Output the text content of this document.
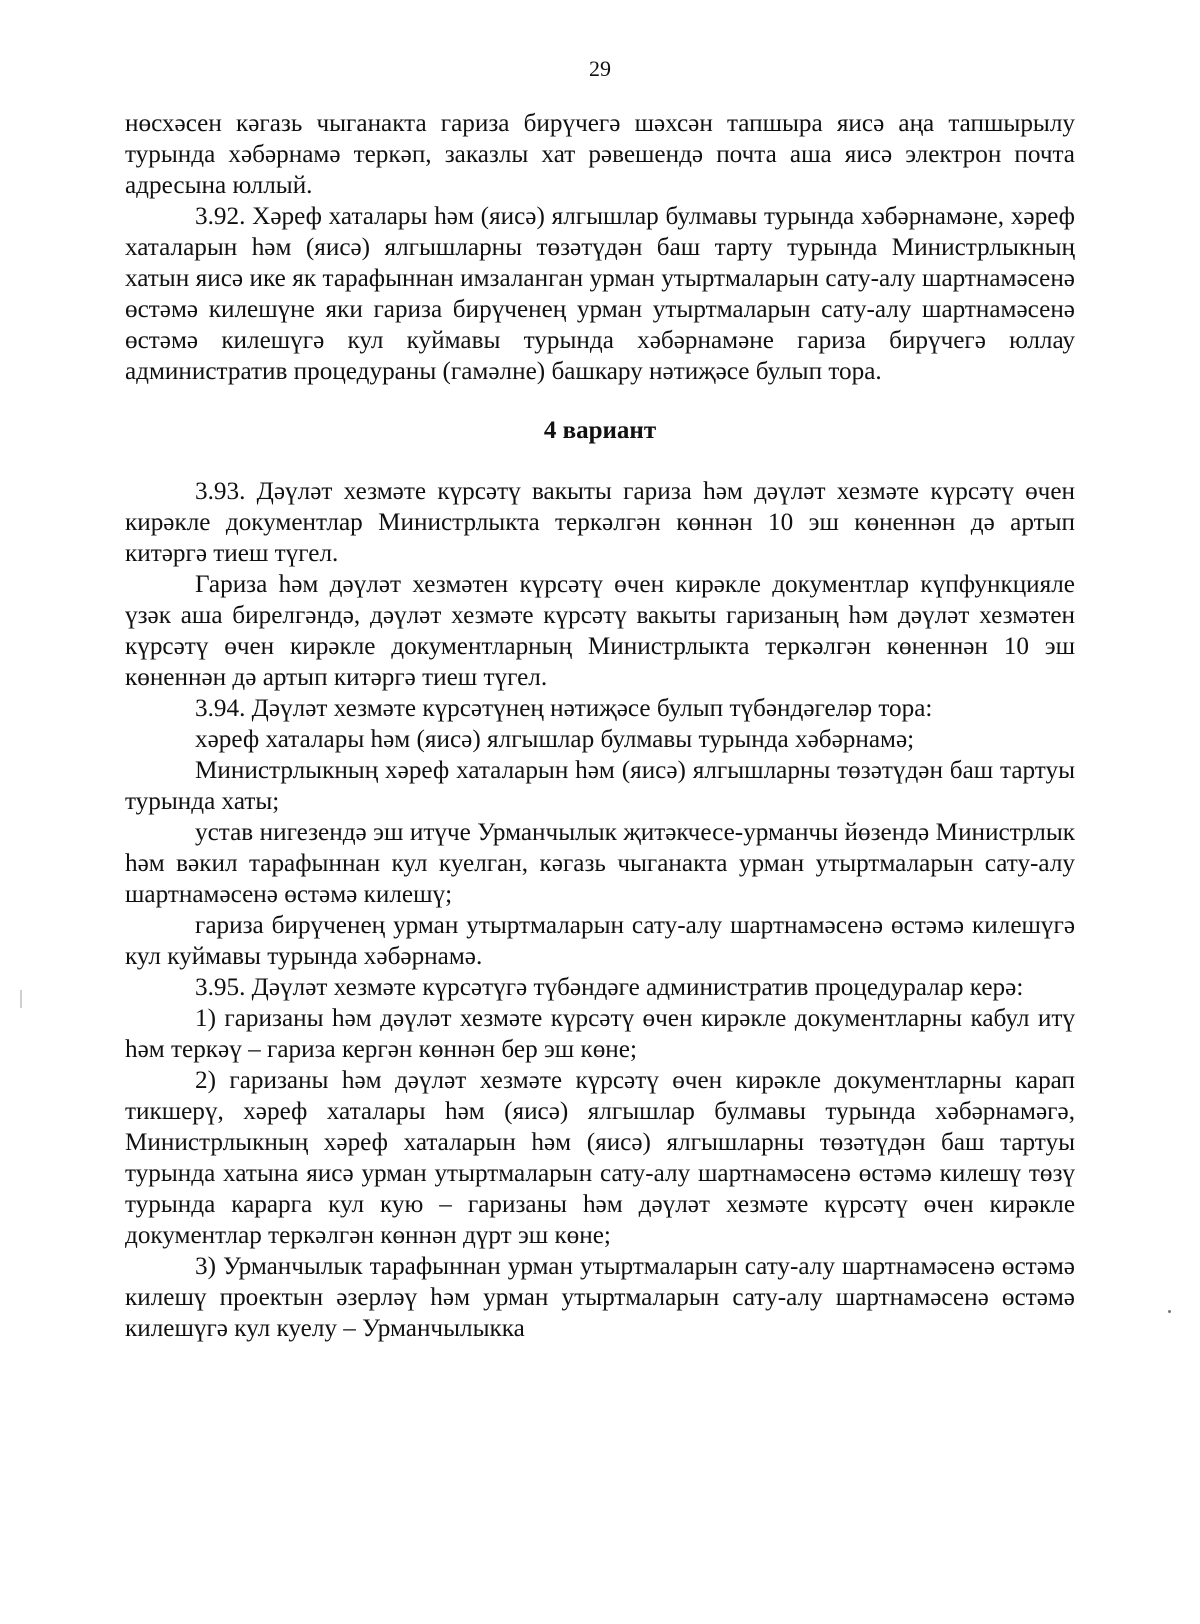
29

нөсхәсен кәгазь чыганакта гариза бирүчегә шәхсән тапшыра яисә аңа тапшырылу турында хәбәрнамә теркәп, заказлы хат рәвешендә почта аша яисә электрон почта адресына юллый.

3.92. Хәреф хаталары һәм (яисә) ялгышлар булмавы турында хәбәрнамәне, хәреф хаталарын һәм (яисә) ялгышларны төзәтүдән баш тарту турында Министрлыкның хатын яисә ике як тарафыннан имзаланган урман утыртмаларын сату-алу шартнамәсенә өстәмә килешүне яки гариза бирүченең урман утыртмаларын сату-алу шартнамәсенә өстәмә килешүгә кул куймавы турында хәбәрнамәне гариза бирүчегә юллау административ процедураны (гамәлне) башкару нәтиҗәсе булып тора.

4 вариант

3.93. Дәүләт хезмәте күрсәтү вакыты гариза һәм дәүләт хезмәте күрсәтү өчен кирәкле документлар Министрлыкта теркәлгән көннән 10 эш көненнән дә артып китәргә тиеш түгел.

Гариза һәм дәүләт хезмәтен күрсәтү өчен кирәкле документлар күпфункцияле үзәк аша бирелгәндә, дәүләт хезмәте күрсәтү вакыты гаризаның һәм дәүләт хезмәтен күрсәтү өчен кирәкле документларның Министрлыкта теркәлгән көненнән 10 эш көненнән дә артып китәргә тиеш түгел.

3.94. Дәүләт хезмәте күрсәтүнең нәтиҗәсе булып түбәндәгеләр тора:

хәреф хаталары һәм (яисә) ялгышлар булмавы турында хәбәрнамә;

Министрлыкның хәреф хаталарын һәм (яисә) ялгышларны төзәтүдән баш тартуы турында хаты;

устав нигезендә эш итүче Урманчылык җитәкчесе-урманчы йөзендә Министрлык һәм вәкил тарафыннан кул куелган, кәгазь чыганакта урман утыртмаларын сату-алу шартнамәсенә өстәмә килешү;

гариза бирүченең урман утыртмаларын сату-алу шартнамәсенә өстәмә килешүгә кул куймавы турында хәбәрнамә.

3.95. Дәүләт хезмәте күрсәтүгә түбәндәге административ процедуралар керә:

1) гаризаны һәм дәүләт хезмәте күрсәтү өчен кирәкле документларны кабул итү һәм теркәү – гариза кергән көннән бер эш көне;

2) гаризаны һәм дәүләт хезмәте күрсәтү өчен кирәкле документларны карап тикшерү, хәреф хаталары һәм (яисә) ялгышлар булмавы турында хәбәрнамәгә, Министрлыкның хәреф хаталарын һәм (яисә) ялгышларны төзәтүдән баш тартуы турында хатына яисә урман утыртмаларын сату-алу шартнамәсенә өстәмә килешү төзү турында карарга кул кую – гаризаны һәм дәүләт хезмәте күрсәтү өчен кирәкле документлар теркәлгән көннән дүрт эш көне;

3) Урманчылык тарафыннан урман утыртмаларын сату-алу шартнамәсенә өстәмә килешү проектын әзерләү һәм урман утыртмаларын сату-алу шартнамәсенә өстәмә килешүгә кул куелу – Урманчылыкка
